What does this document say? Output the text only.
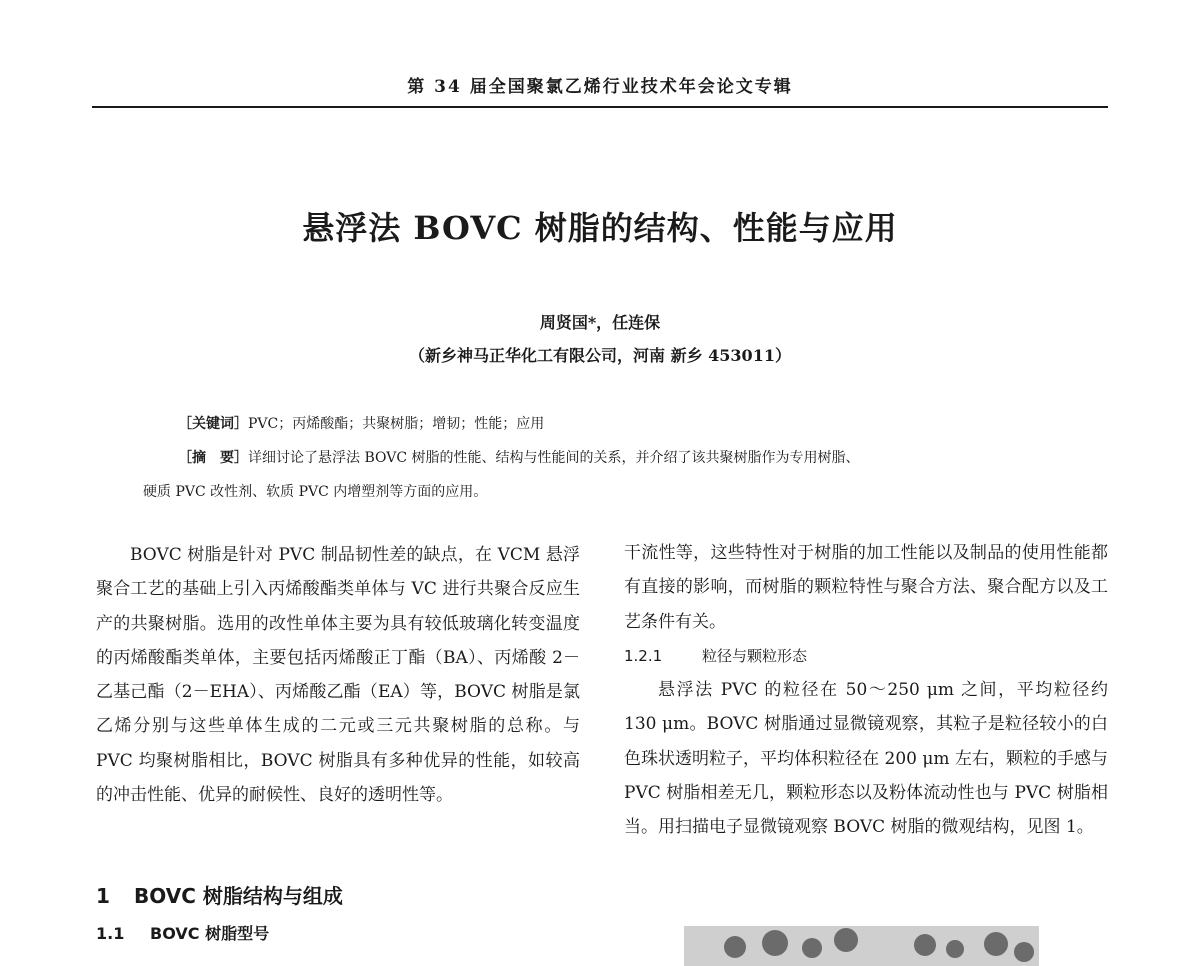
第 34 届全国聚氯乙烯行业技术年会论文专辑
悬浮法 BOVC 树脂的结构、性能与应用
周贤国*，任连保
（新乡神马正华化工有限公司，河南 新乡 453011）
［关键词］PVC；丙烯酸酯；共聚树脂；增韧；性能；应用
［摘　要］详细讨论了悬浮法 BOVC 树脂的性能、结构与性能间的关系，并介绍了该共聚树脂作为专用树脂、
硬质 PVC 改性剂、软质 PVC 内增塑剂等方面的应用。

BOVC 树脂是针对 PVC 制品韧性差的缺点，在 VCM 悬浮聚合工艺的基础上引入丙烯酸酯类单体与 VC 进行共聚合反应生产的共聚树脂。选用的改性单体主要为具有较低玻璃化转变温度的丙烯酸酯类单体，主要包括丙烯酸正丁酯（BA）、丙烯酸 2－乙基己酯（2－EHA）、丙烯酸乙酯（EA）等，BOVC 树脂是氯乙烯分别与这些单体生成的二元或三元共聚树脂的总称。与 PVC 均聚树脂相比，BOVC 树脂具有多种优异的性能，如较高的冲击性能、优异的耐候性、良好的透明性等。

1 BOVC 树脂结构与组成
1.1 BOVC 树脂型号

干流性等，这些特性对于树脂的加工性能以及制品的使用性能都有直接的影响，而树脂的颗粒特性与聚合方法、聚合配方以及工艺条件有关。

1.2.1	粒径与颗粒形态

悬浮法 PVC 的粒径在 50～250 μm 之间，平均粒径约 130 μm。BOVC 树脂通过显微镜观察，其粒子是粒径较小的白色珠状透明粒子，平均体积粒径在 200 μm 左右，颗粒的手感与 PVC 树脂相差无几，颗粒形态以及粉体流动性也与 PVC 树脂相当。用扫描电子显微镜观察 BOVC 树脂的微观结构，见图 1。
